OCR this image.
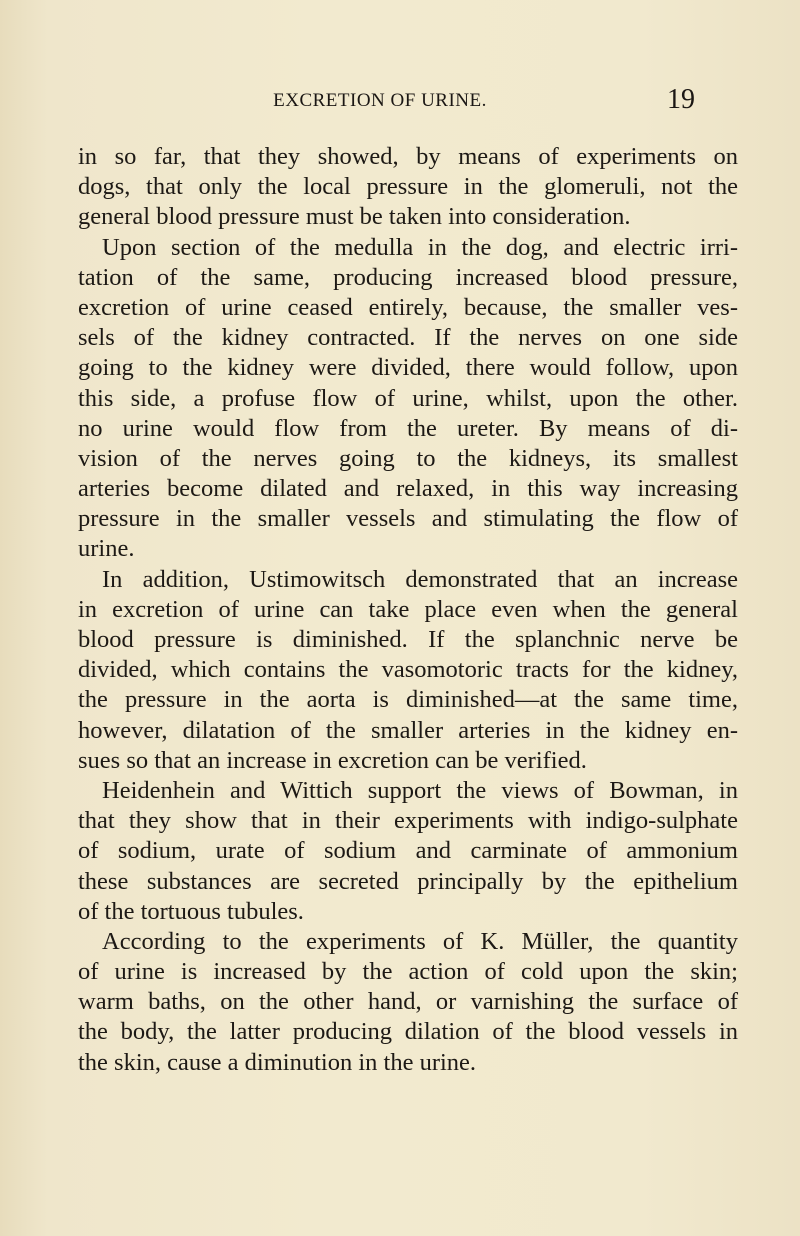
EXCRETION OF URINE.	19
in so far, that they showed, by means of experiments on
dogs, that only the local pressure in the glomeruli, not the
general blood pressure must be taken into consideration.
Upon section of the medulla in the dog, and electric irri-
tation of the same, producing increased blood pressure,
excretion of urine ceased entirely, because, the smaller ves-
sels of the kidney contracted. If the nerves on one side
going to the kidney were divided, there would follow, upon
this side, a profuse flow of urine, whilst, upon the other.
no urine would flow from the ureter. By means of di-
vision of the nerves going to the kidneys, its smallest
arteries become dilated and relaxed, in this way increasing
pressure in the smaller vessels and stimulating the flow of
urine.
In addition, Ustimowitsch demonstrated that an increase
in excretion of urine can take place even when the general
blood pressure is diminished. If the splanchnic nerve be
divided, which contains the vasomotoric tracts for the kidney,
the pressure in the aorta is diminished—at the same time,
however, dilatation of the smaller arteries in the kidney en-
sues so that an increase in excretion can be verified.
Heidenhein and Wittich support the views of Bowman, in
that they show that in their experiments with indigo-sulphate
of sodium, urate of sodium and carminate of ammonium
these substances are secreted principally by the epithelium
of the tortuous tubules.
According to the experiments of K. Müller, the quantity
of urine is increased by the action of cold upon the skin;
warm baths, on the other hand, or varnishing the surface of
the body, the latter producing dilation of the blood vessels in
the skin, cause a diminution in the urine.
